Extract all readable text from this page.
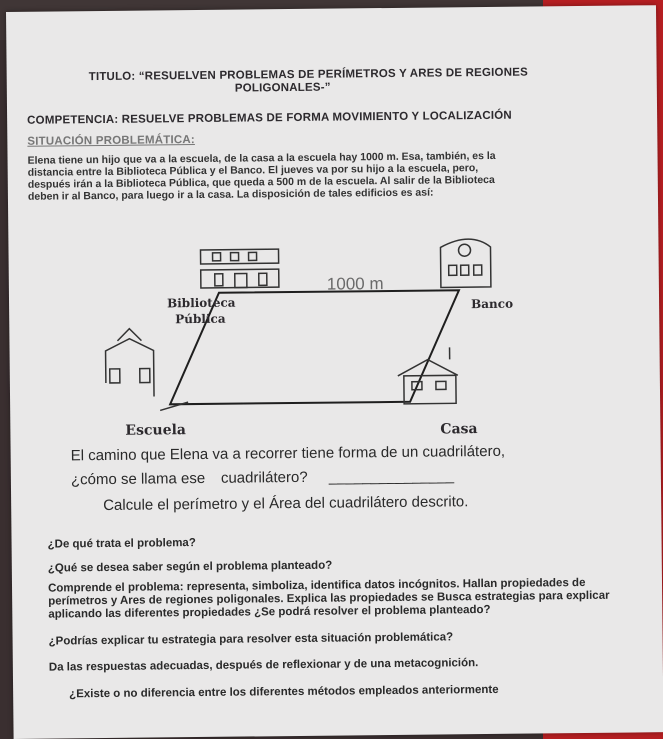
TITULO: “RESUELVEN PROBLEMAS DE PERÍMETROS Y ARES DE REGIONES
POLIGONALES-”
COMPETENCIA: RESUELVE PROBLEMAS DE FORMA MOVIMIENTO Y LOCALIZACIÓN
SITUACIÓN PROBLEMÁTICA:
Elena tiene un hijo que va a la escuela, de la casa a la escuela hay 1000 m. Esa, también, es la
distancia entre la Biblioteca Pública y el Banco. El jueves va por su hijo a la escuela, pero,
después irán a la Biblioteca Pública, que queda a 500 m de la escuela. Al salir de la Biblioteca
deben ir al Banco, para luego ir a la casa. La disposición de tales edificios es así:
1000 m
Biblioteca
Pública
Banco
Escuela	Casa
El camino que Elena va a recorrer tiene forma de un cuadrilátero,
¿cómo se llama ese cuadrilátero? _______________
Calcule el perímetro y el Área del cuadrilátero descrito.
¿De qué trata el problema?
¿Qué se desea saber según el problema planteado?
Comprende el problema: representa, simboliza, identifica datos incógnitos. Hallan propiedades de
perímetros y Ares de regiones poligonales. Explica las propiedades se Busca estrategias para explicar
aplicando las diferentes propiedades ¿Se podrá resolver el problema planteado?
¿Podrías explicar tu estrategia para resolver esta situación problemática?
Da las respuestas adecuadas, después de reflexionar y de una metacognición.
¿Existe o no diferencia entre los diferentes métodos empleados anteriormente
